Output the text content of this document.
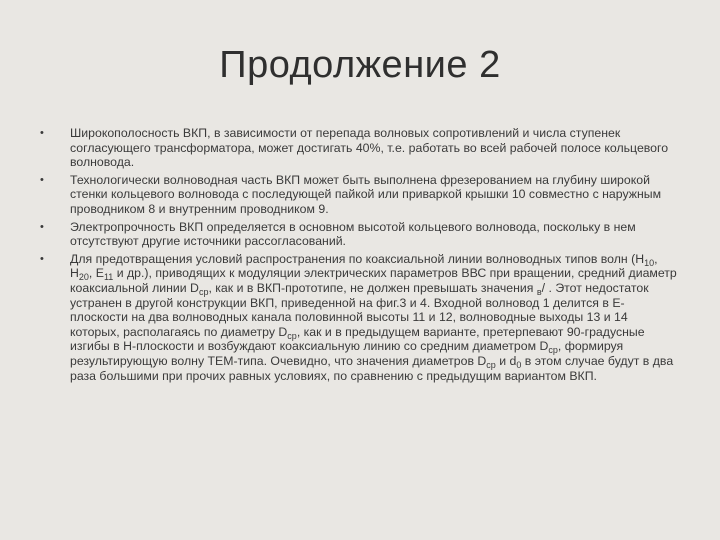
Продолжение 2
• Широкополосность ВКП, в зависимости от перепада волновых сопротивлений и числа ступенек согласующего трансформатора, может достигать 40%, т.е. работать во всей рабочей полосе кольцевого волновода.
• Технологически волноводная часть ВКП может быть выполнена фрезерованием на глубину широкой стенки кольцевого волновода с последующей пайкой или приваркой крышки 10 совместно с наружным проводником 8 и внутренним проводником 9.
• Электропрочность ВКП определяется в основном высотой кольцевого волновода, поскольку в нем отсутствуют другие источники рассогласований.
• Для предотвращения условий распространения по коаксиальной линии волноводных типов волн ($H_{10}$, $H_{20}$, $E_{11}$ и др.), приводящих к модуляции электрических параметров ВВС при вращении, средний диаметр коаксиальной линии $D_{ср}$, как и в ВКП-прототипе, не должен превышать значения $_в$/ . Этот недостаток устранен в другой конструкции ВКП, приведенной на фиг.3 и 4. Входной волновод 1 делится в Е-плоскости на два волноводных канала половинной высоты 11 и 12, волноводные выходы 13 и 14 которых, располагаясь по диаметру $D_{ср}$, как и в предыдущем варианте, претерпевают 90-градусные изгибы в Н-плоскости и возбуждают коаксиальную линию со средним диаметром $D_{ср}$, формируя результирующую волну ТЕМ-типа. Очевидно, что значения диаметров $D_{ср}$ и $d_0$ в этом случае будут в два раза большими при прочих равных условиях, по сравнению с предыдущим вариантом ВКП.
